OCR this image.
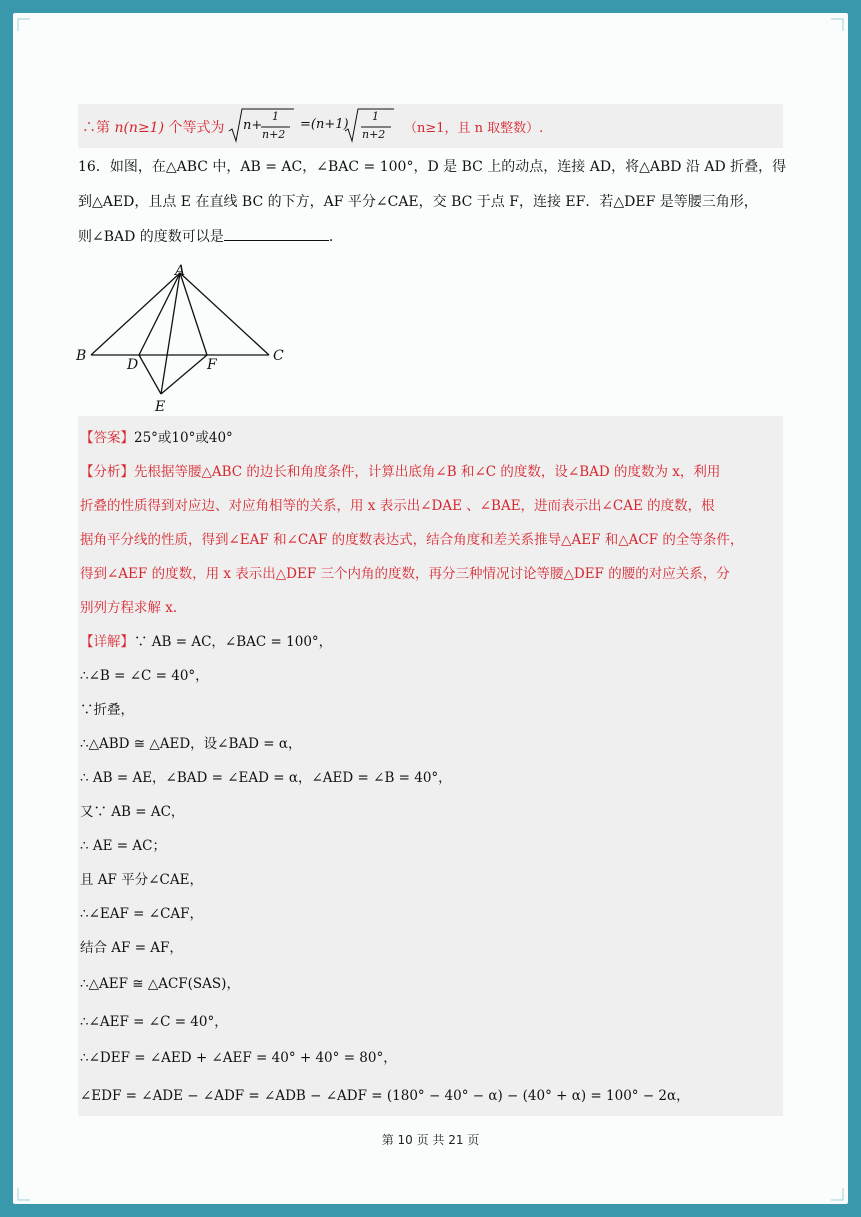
∴第 n(n≥1) 个等式为 n+
1
n+2
=(n+1)
1
n+2 （n≥1，且 n 取整数）.
16．如图，在△ABC 中，AB = AC，∠BAC = 100°，D 是 BC 上的动点，连接 AD，将△ABD 沿 AD 折叠，得
到△AED，且点 E 在直线 BC 的下方，AF 平分∠CAE，交 BC 于点 F，连接 EF．若△DEF 是等腰三角形，
则∠BAD 的度数可以是	．
A
B	C
D	F
E
【答案】25°或10°或40°
【分析】先根据等腰△ABC 的边长和角度条件，计算出底角∠B 和∠C 的度数，设∠BAD 的度数为 x，利用
折叠的性质得到对应边、对应角相等的关系，用 x 表示出∠DAE 、∠BAE，进而表示出∠CAE 的度数，根
据角平分线的性质，得到∠EAF 和∠CAF 的度数表达式，结合角度和差关系推导△AEF 和△ACF 的全等条件，
得到∠AEF 的度数，用 x 表示出△DEF 三个内角的度数，再分三种情况讨论等腰△DEF 的腰的对应关系，分
别列方程求解 x.
【详解】∵ AB = AC，∠BAC = 100°，
∴∠B = ∠C = 40°，
∵折叠，
∴△ABD ≅ △AED，设∠BAD = α，
∴ AB = AE，∠BAD = ∠EAD = α，∠AED = ∠B = 40°，
又∵ AB = AC，
∴ AE = AC；
且 AF 平分∠CAE，
∴∠EAF = ∠CAF，
结合 AF = AF，
∴△AEF ≅ △ACF(SAS)，
∴∠AEF = ∠C = 40°，
∴∠DEF = ∠AED + ∠AEF = 40° + 40° = 80°，
∠EDF = ∠ADE − ∠ADF = ∠ADB − ∠ADF = (180° − 40° − α) − (40° + α) = 100° − 2α，
第 10 页 共 21 页
